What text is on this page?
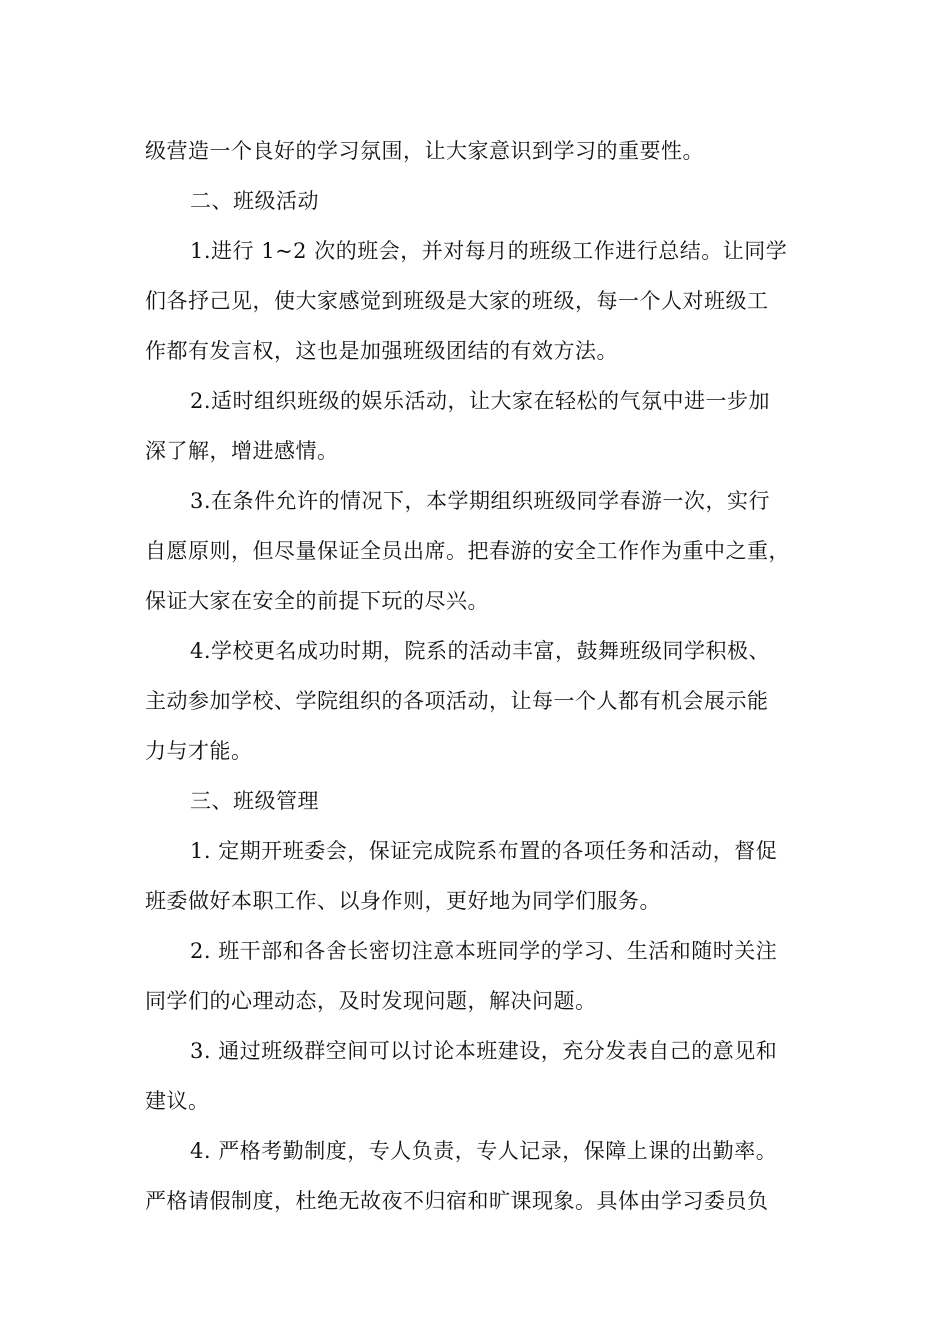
级营造一个良好的学习氛围，让大家意识到学习的重要性。
二、班级活动
1.进行 1~2 次的班会，并对每月的班级工作进行总结。让同学
们各抒己见，使大家感觉到班级是大家的班级，每一个人对班级工
作都有发言权，这也是加强班级团结的有效方法。
2.适时组织班级的娱乐活动，让大家在轻松的气氛中进一步加
深了解，增进感情。
3.在条件允许的情况下，本学期组织班级同学春游一次，实行
自愿原则，但尽量保证全员出席。把春游的安全工作作为重中之重，
保证大家在安全的前提下玩的尽兴。
4.学校更名成功时期，院系的活动丰富，鼓舞班级同学积极、
主动参加学校、学院组织的各项活动，让每一个人都有机会展示能
力与才能。
三、班级管理
1. 定期开班委会，保证完成院系布置的各项任务和活动，督促
班委做好本职工作、以身作则，更好地为同学们服务。
2. 班干部和各舍长密切注意本班同学的学习、生活和随时关注
同学们的心理动态，及时发现问题，解决问题。
3. 通过班级群空间可以讨论本班建设，充分发表自己的意见和
建议。
4. 严格考勤制度，专人负责，专人记录，保障上课的出勤率。
严格请假制度，杜绝无故夜不归宿和旷课现象。具体由学习委员负
